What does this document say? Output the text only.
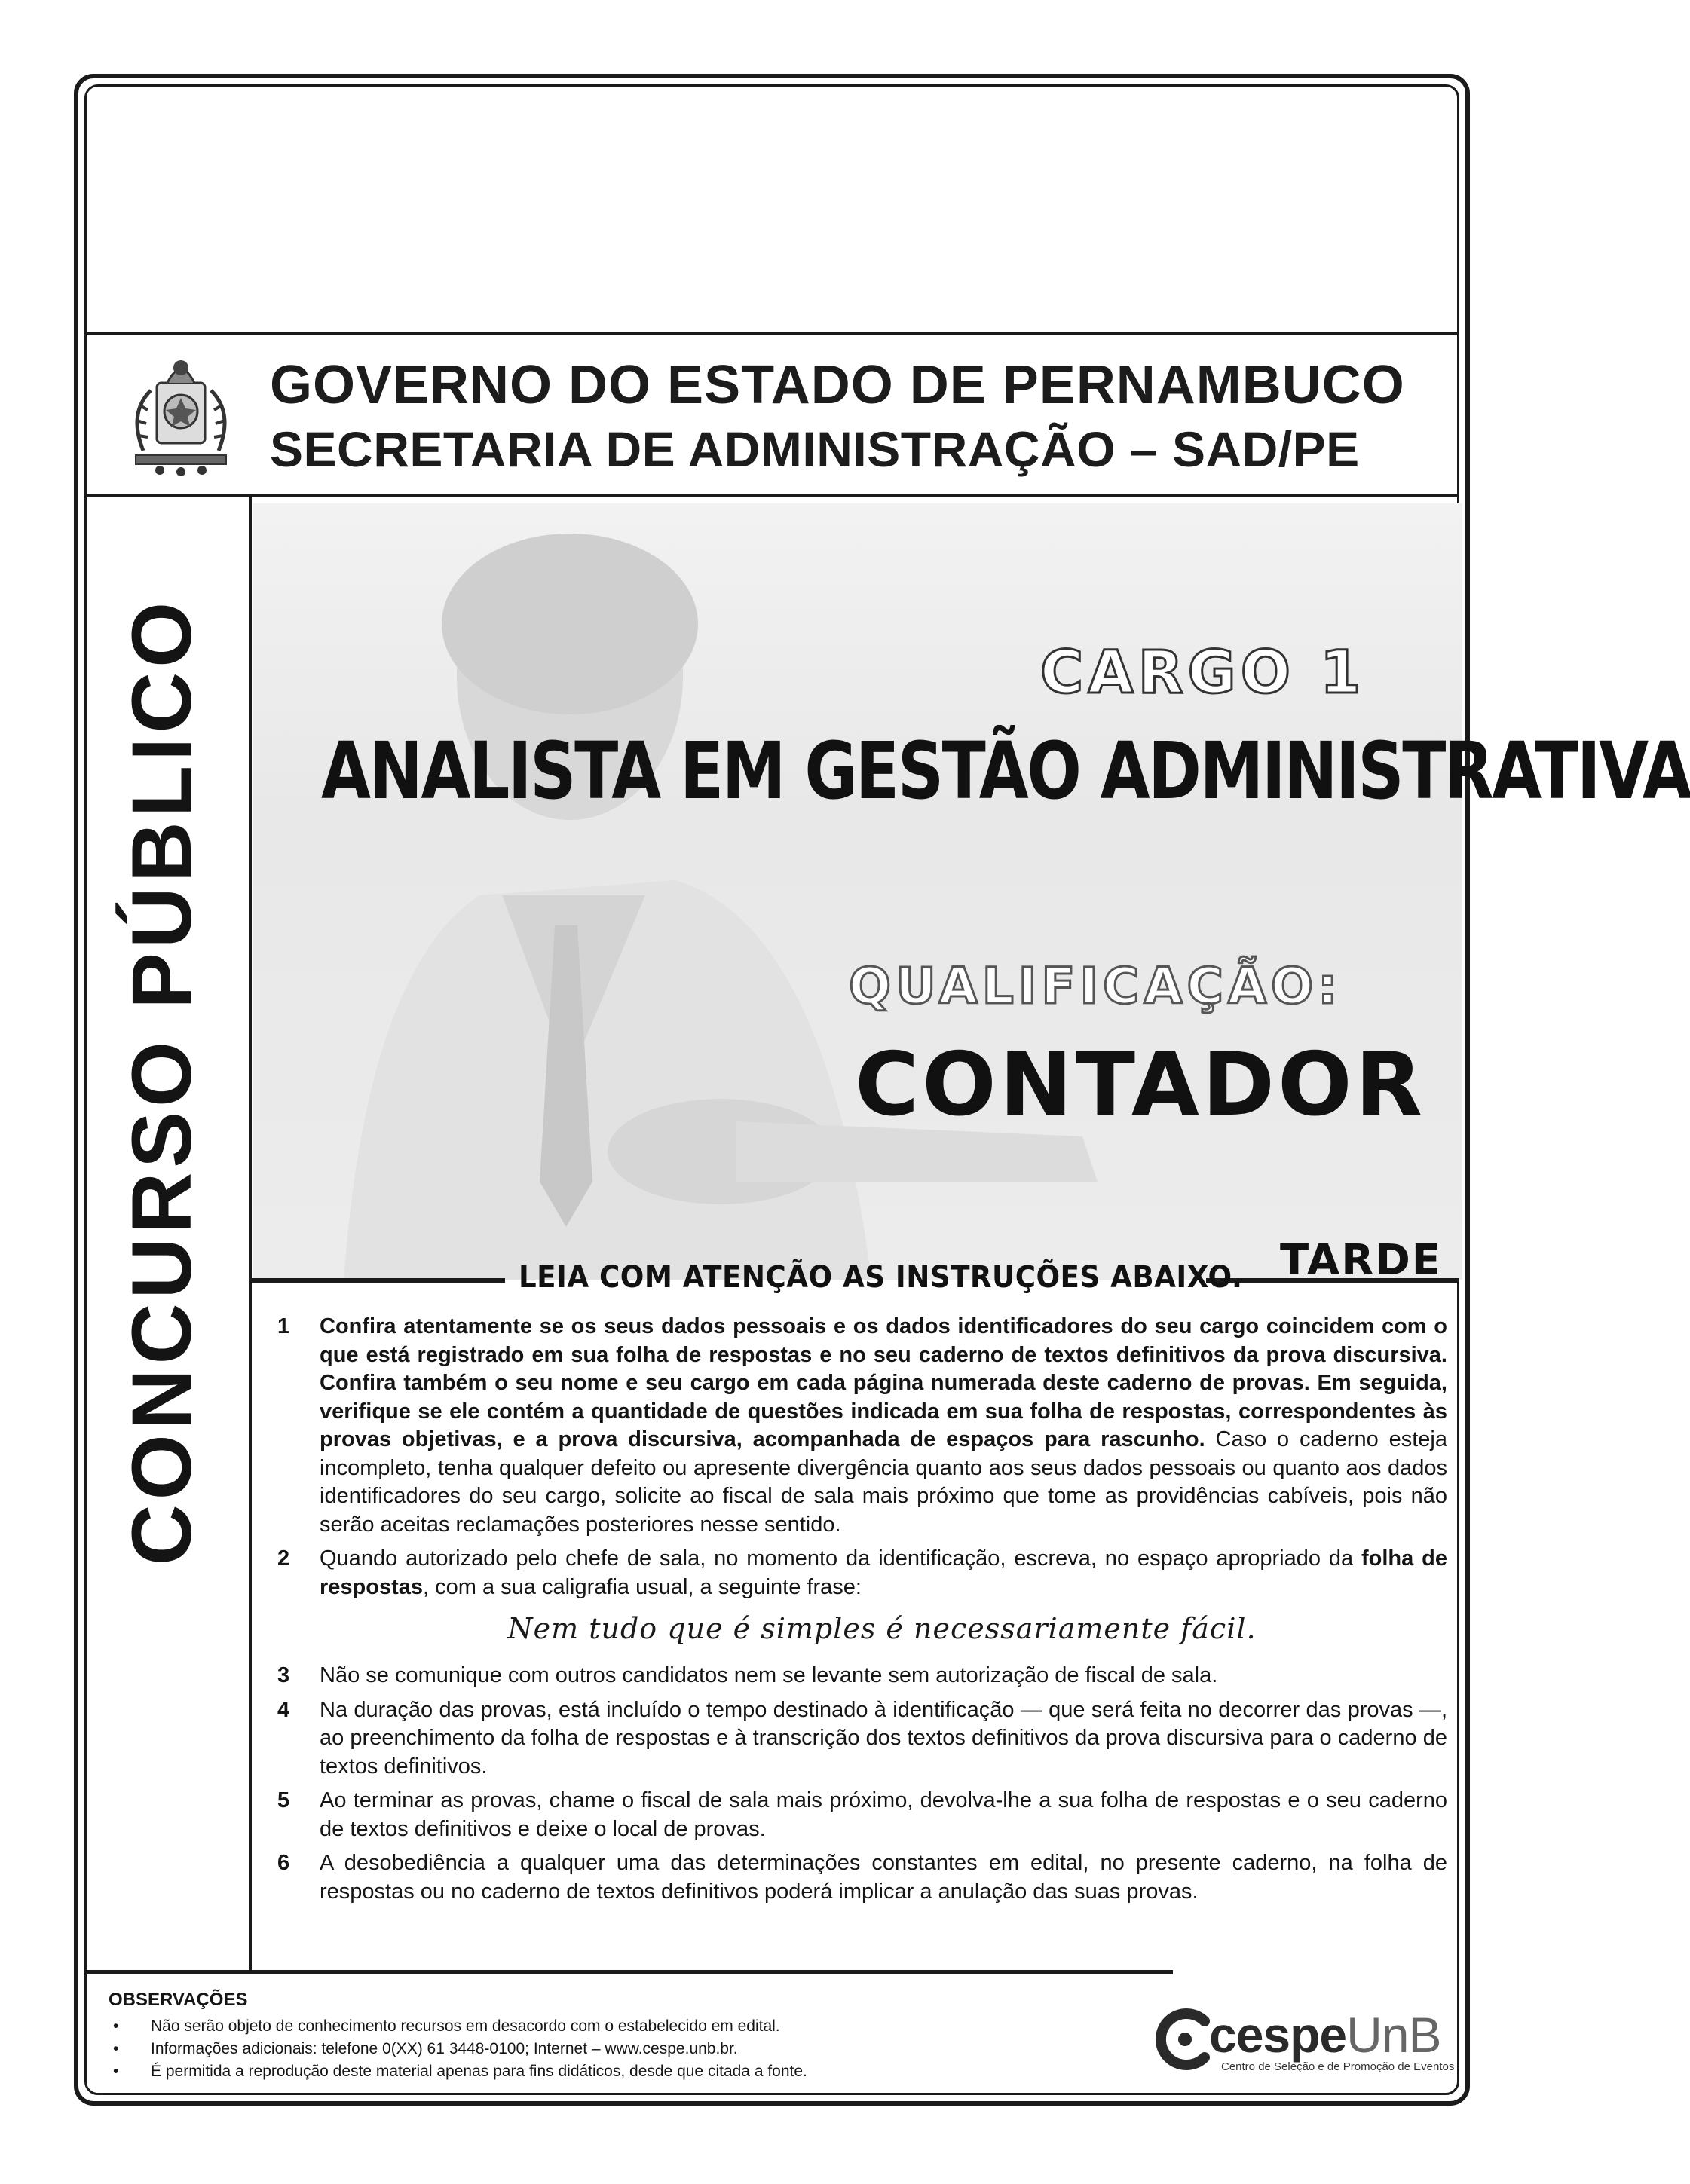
GOVERNO DO ESTADO DE PERNAMBUCO
SECRETARIA DE ADMINISTRAÇÃO – SAD/PE
CONCURSO PÚBLICO	CARGO 1
ANALISTA EM GESTÃO ADMINISTRATIVA
QUALIFICAÇÃO:
CONTADOR
TARDE
LEIA COM ATENÇÃO AS INSTRUÇÕES ABAIXO.
1 Confira atentamente se os seus dados pessoais e os dados identificadores do seu cargo coincidem com o que está registrado em sua folha de respostas e no seu caderno de textos definitivos da prova discursiva. Confira também o seu nome e seu cargo em cada página numerada deste caderno de provas. Em seguida, verifique se ele contém a quantidade de questões indicada em sua folha de respostas, correspondentes às provas objetivas, e a prova discursiva, acompanhada de espaços para rascunho. Caso o caderno esteja incompleto, tenha qualquer defeito ou apresente divergência quanto aos seus dados pessoais ou quanto aos dados identificadores do seu cargo, solicite ao fiscal de sala mais próximo que tome as providências cabíveis, pois não serão aceitas reclamações posteriores nesse sentido.
2 Quando autorizado pelo chefe de sala, no momento da identificação, escreva, no espaço apropriado da folha de respostas, com a sua caligrafia usual, a seguinte frase:
Nem tudo que é simples é necessariamente fácil.
3 Não se comunique com outros candidatos nem se levante sem autorização de fiscal de sala.
4 Na duração das provas, está incluído o tempo destinado à identificação — que será feita no decorrer das provas —, ao preenchimento da folha de respostas e à transcrição dos textos definitivos da prova discursiva para o caderno de textos definitivos.
5 Ao terminar as provas, chame o fiscal de sala mais próximo, devolva-lhe a sua folha de respostas e o seu caderno de textos definitivos e deixe o local de provas.
6 A desobediência a qualquer uma das determinações constantes em edital, no presente caderno, na folha de respostas ou no caderno de textos definitivos poderá implicar a anulação das suas provas.
OBSERVAÇÕES
• Não serão objeto de conhecimento recursos em desacordo com o estabelecido em edital.
• Informações adicionais: telefone 0(XX) 61 3448-0100; Internet – www.cespe.unb.br.
• É permitida a reprodução deste material apenas para fins didáticos, desde que citada a fonte.
cespeUnB
Centro de Seleção e de Promoção de Eventos
